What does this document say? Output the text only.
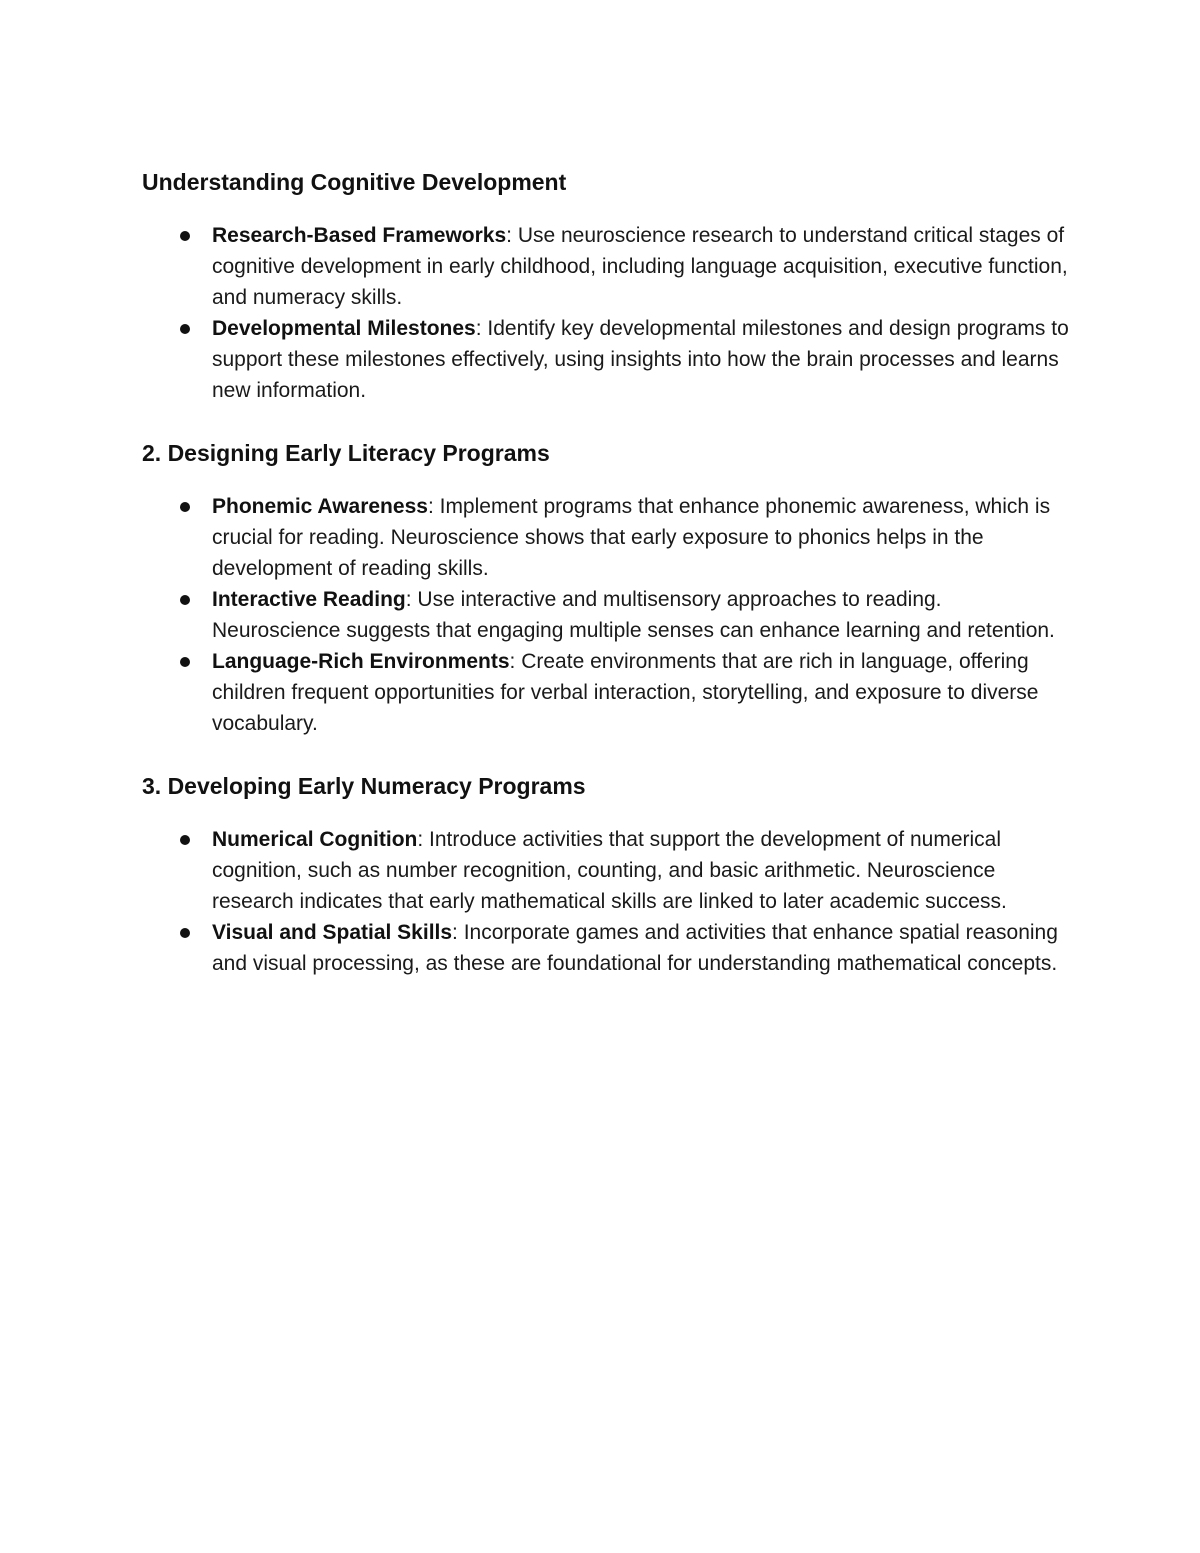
Understanding Cognitive Development
Research-Based Frameworks: Use neuroscience research to understand critical stages of cognitive development in early childhood, including language acquisition, executive function, and numeracy skills.
Developmental Milestones: Identify key developmental milestones and design programs to support these milestones effectively, using insights into how the brain processes and learns new information.
2. Designing Early Literacy Programs
Phonemic Awareness: Implement programs that enhance phonemic awareness, which is crucial for reading. Neuroscience shows that early exposure to phonics helps in the development of reading skills.
Interactive Reading: Use interactive and multisensory approaches to reading. Neuroscience suggests that engaging multiple senses can enhance learning and retention.
Language-Rich Environments: Create environments that are rich in language, offering children frequent opportunities for verbal interaction, storytelling, and exposure to diverse vocabulary.
3. Developing Early Numeracy Programs
Numerical Cognition: Introduce activities that support the development of numerical cognition, such as number recognition, counting, and basic arithmetic. Neuroscience research indicates that early mathematical skills are linked to later academic success.
Visual and Spatial Skills: Incorporate games and activities that enhance spatial reasoning and visual processing, as these are foundational for understanding mathematical concepts.
